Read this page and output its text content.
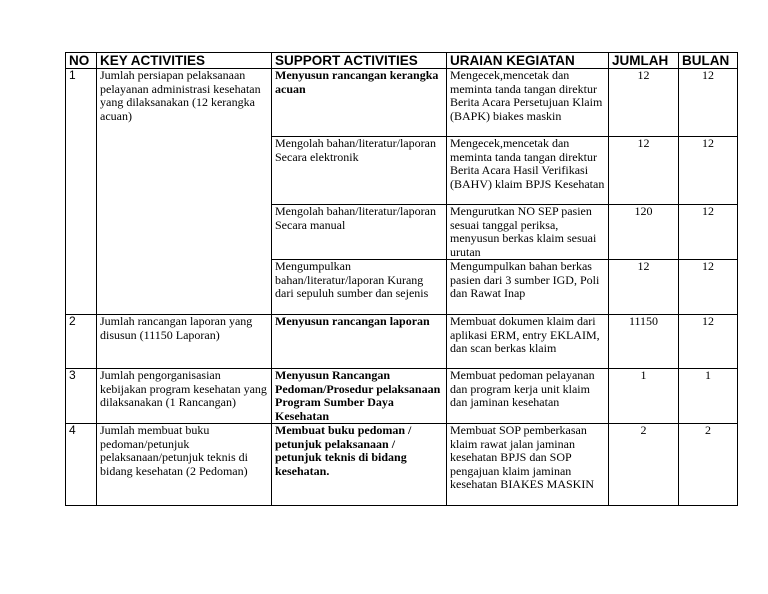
NO	KEY ACTIVITIES	SUPPORT ACTIVITIES	URAIAN KEGIATAN	JUMLAH	BULAN
1	Jumlah persiapan pelaksanaan pelayanan administrasi kesehatan yang dilaksanakan (12 kerangka acuan)	Menyusun rancangan kerangka acuan	Mengecek,mencetak dan meminta tanda tangan direktur Berita Acara Persetujuan Klaim (BAPK) biakes maskin	12	12
		Mengolah bahan/literatur/laporan Secara elektronik	Mengecek,mencetak dan meminta tanda tangan direktur Berita Acara Hasil Verifikasi (BAHV) klaim BPJS Kesehatan	12	12
		Mengolah bahan/literatur/laporan Secara manual	Mengurutkan NO SEP pasien sesuai tanggal periksa, menyusun berkas klaim sesuai urutan	120	12
		Mengumpulkan bahan/literatur/laporan Kurang dari sepuluh sumber dan sejenis	Mengumpulkan bahan berkas pasien dari 3 sumber IGD, Poli dan Rawat Inap	12	12
2	Jumlah rancangan laporan yang disusun (11150 Laporan)	Menyusun rancangan laporan	Membuat dokumen klaim dari aplikasi ERM, entry EKLAIM, dan scan berkas klaim	11150	12
3	Jumlah pengorganisasian kebijakan program kesehatan yang dilaksanakan (1 Rancangan)	Menyusun Rancangan Pedoman/Prosedur pelaksanaan Program Sumber Daya Kesehatan	Membuat pedoman pelayanan dan program kerja unit klaim dan jaminan kesehatan	1	1
4	Jumlah membuat buku pedoman/petunjuk pelaksanaan/petunjuk teknis di bidang kesehatan (2 Pedoman)	Membuat buku pedoman / petunjuk pelaksanaan / petunjuk teknis di bidang kesehatan.	Membuat SOP pemberkasan klaim rawat jalan jaminan kesehatan BPJS dan SOP pengajuan klaim jaminan kesehatan BIAKES MASKIN	2	2
